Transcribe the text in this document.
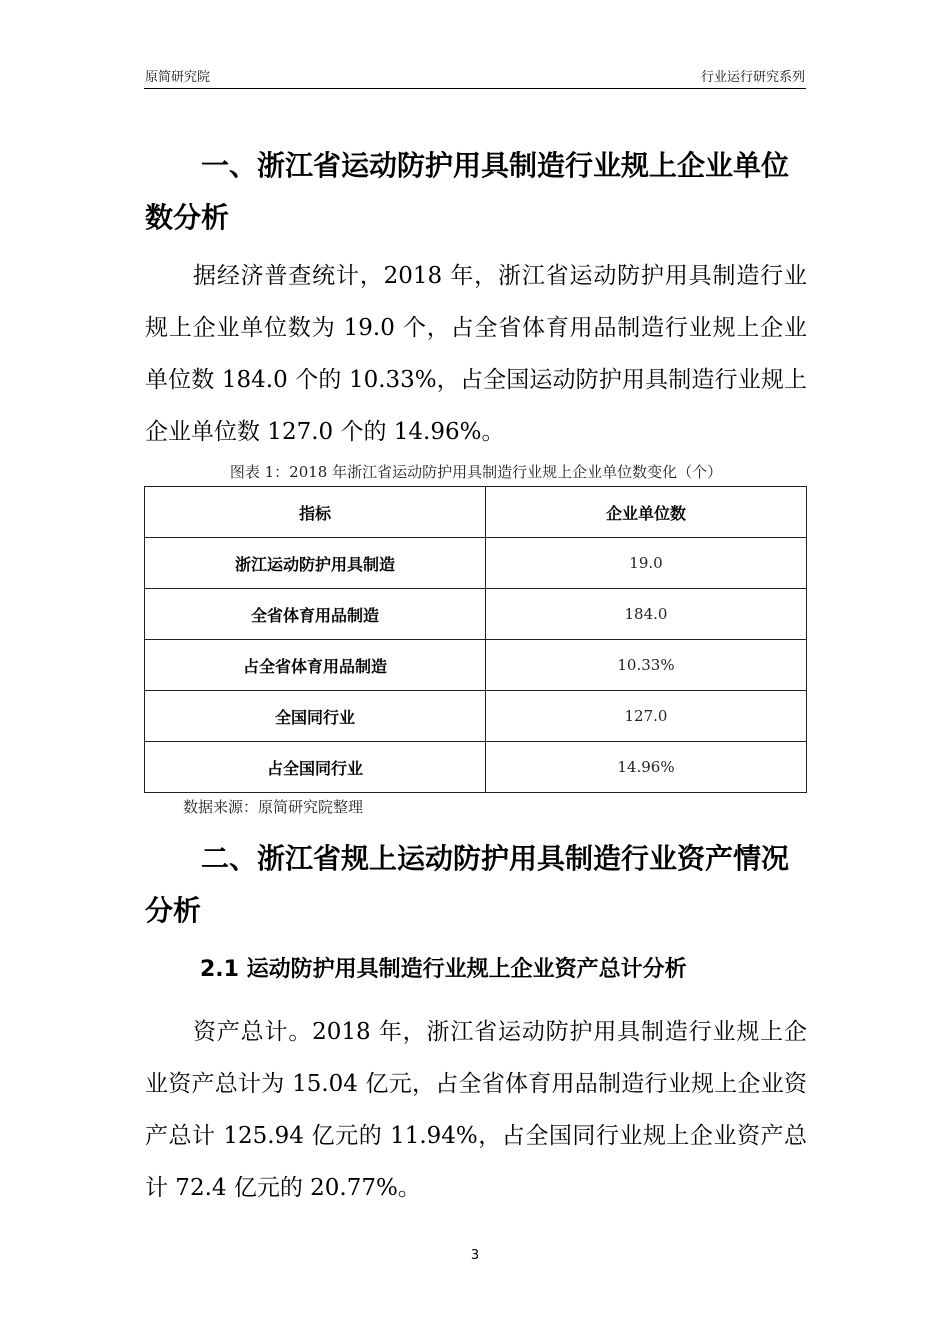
原简研究院	行业运行研究系列
一、浙江省运动防护用具制造行业规上企业单位数分析

据经济普查统计，2018 年，浙江省运动防护用具制造行业规上企业单位数为 19.0 个，占全省体育用品制造行业规上企业单位数 184.0 个的 10.33%，占全国运动防护用具制造行业规上企业单位数 127.0 个的 14.96%。

图表 1：2018 年浙江省运动防护用具制造行业规上企业单位数变化（个）
指标	企业单位数
浙江运动防护用具制造	19.0
全省体育用品制造	184.0
占全省体育用品制造	10.33%
全国同行业	127.0
占全国同行业	14.96%
数据来源：原简研究院整理
二、浙江省规上运动防护用具制造行业资产情况分析
2.1 运动防护用具制造行业规上企业资产总计分析

资产总计。2018 年，浙江省运动防护用具制造行业规上企业资产总计为 15.04 亿元，占全省体育用品制造行业规上企业资产总计 125.94 亿元的 11.94%，占全国同行业规上企业资产总计 72.4 亿元的 20.77%。

3
